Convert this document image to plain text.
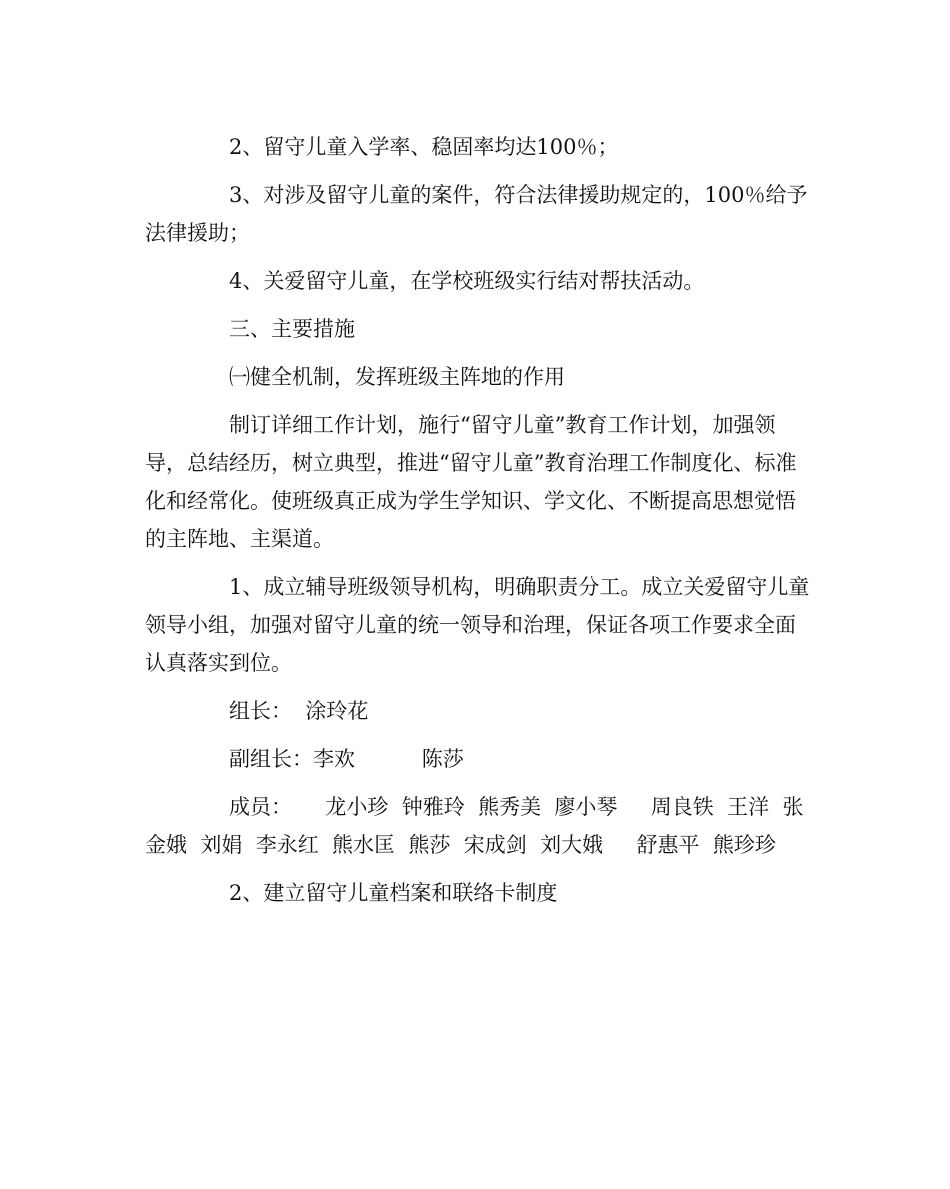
2、留守儿童入学率、稳固率均达100％；

3、对涉及留守儿童的案件，符合法律援助规定的，100％给予法律援助；

4、关爱留守儿童，在学校班级实行结对帮扶活动。

三、主要措施

㈠健全机制，发挥班级主阵地的作用

制订详细工作计划，施行“留守儿童”教育工作计划，加强领导，总结经历，树立典型，推进“留守儿童”教育治理工作制度化、标准化和经常化。使班级真正成为学生学知识、学文化、不断提高思想觉悟的主阵地、主渠道。

1、成立辅导班级领导机构，明确职责分工。成立关爱留守儿童领导小组，加强对留守儿童的统一领导和治理，保证各项工作要求全面认真落实到位。

组长：  涂玲花

副组长：李欢          陈莎

成员：     龙小珍  钟雅玲  熊秀美  廖小琴     周良铁  王洋  张金娥  刘娟  李永红  熊水匡  熊莎  宋成剑  刘大娥     舒惠平  熊珍珍

2、建立留守儿童档案和联络卡制度
